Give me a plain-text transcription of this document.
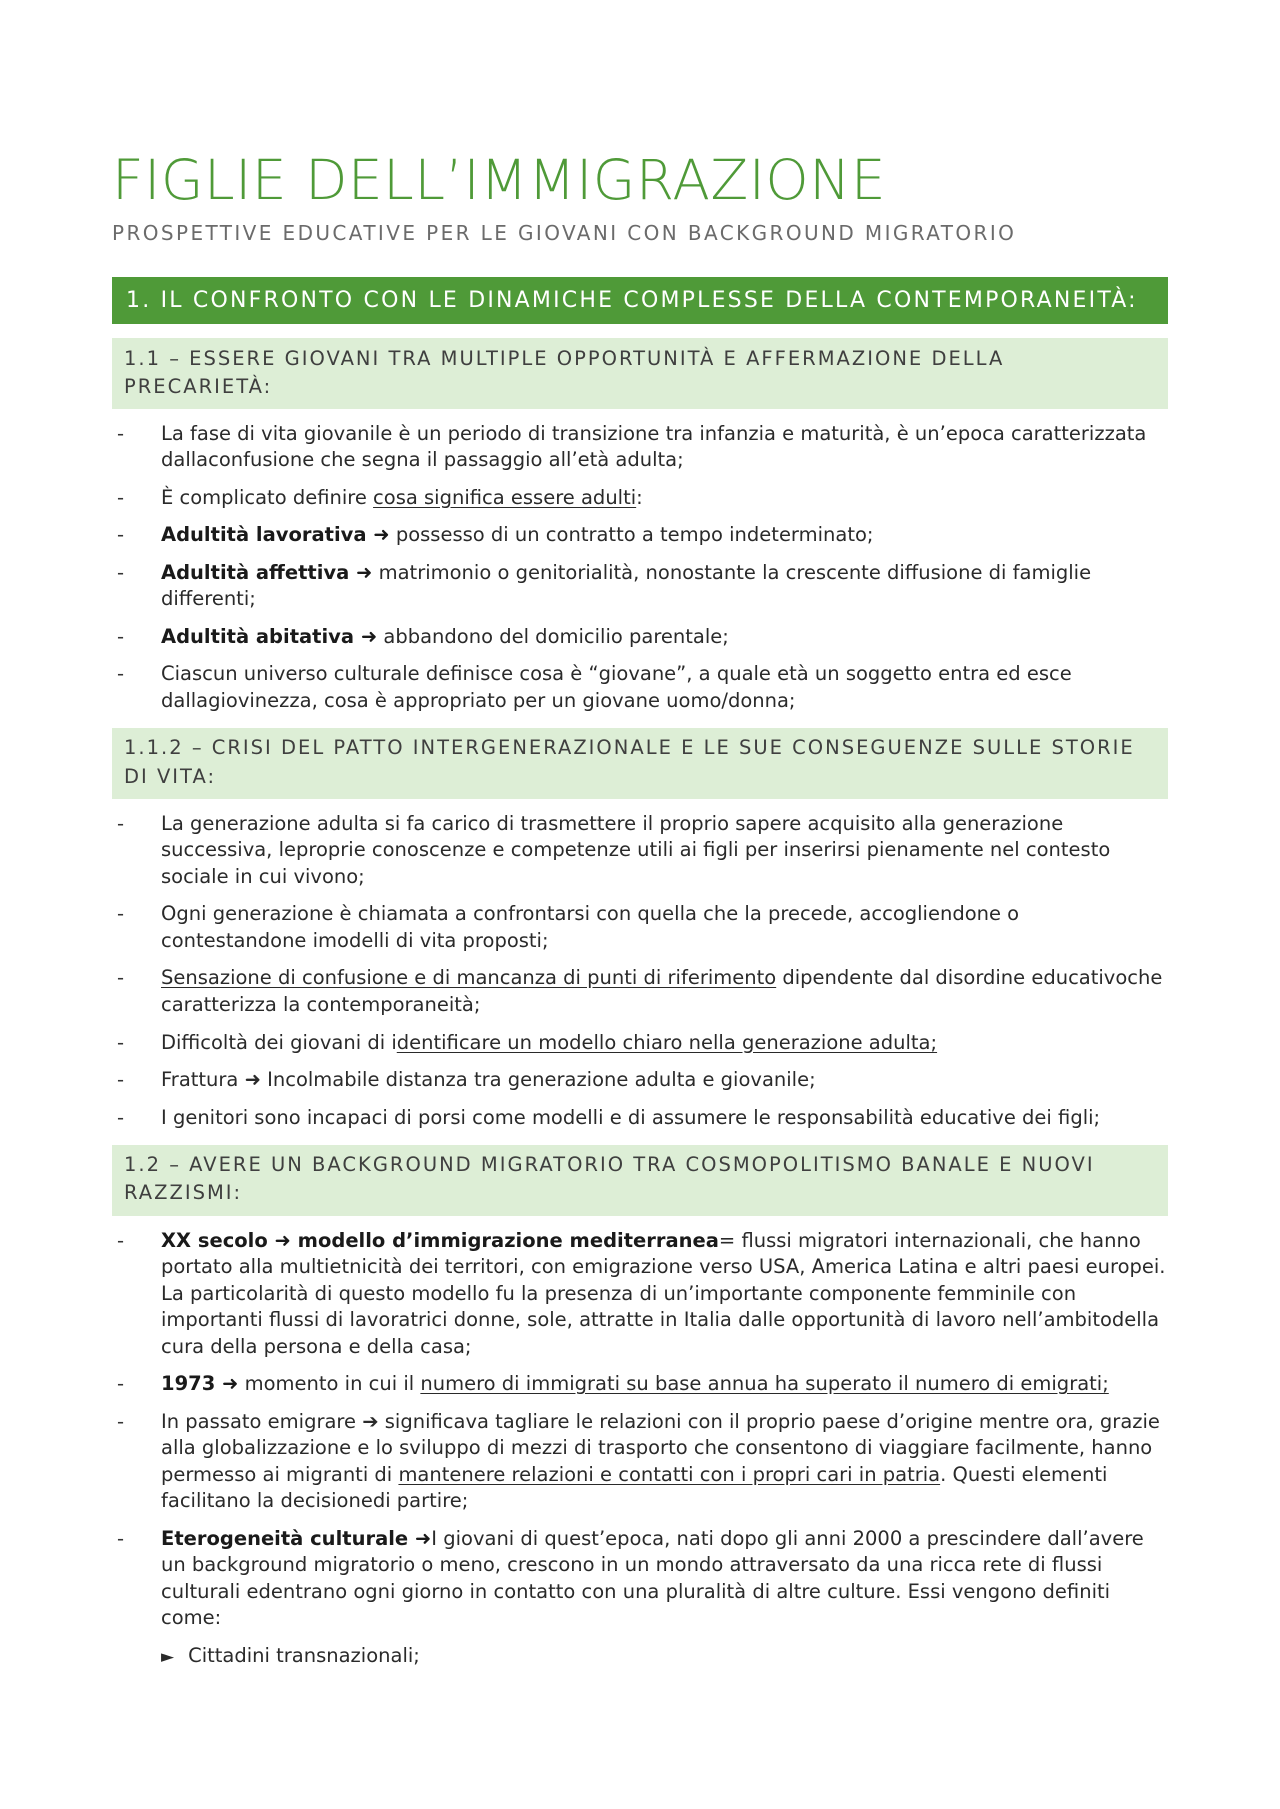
FIGLIE DELL’IMMIGRAZIONE
PROSPETTIVE EDUCATIVE PER LE GIOVANI CON BACKGROUND MIGRATORIO
1. IL CONFRONTO CON LE DINAMICHE COMPLESSE DELLA CONTEMPORANEITÀ:
1.1 – ESSERE GIOVANI TRA MULTIPLE OPPORTUNITÀ E AFFERMAZIONE DELLA PRECARIETÀ:
- La fase di vita giovanile è un periodo di transizione tra infanzia e maturità, è un’epoca caratterizzata dallaconfusione che segna il passaggio all’età adulta;
- È complicato definire cosa significa essere adulti:
- Adultità lavorativa ➜ possesso di un contratto a tempo indeterminato;
- Adultità affettiva ➜ matrimonio o genitorialità, nonostante la crescente diffusione di famiglie differenti;
- Adultità abitativa ➜ abbandono del domicilio parentale;
- Ciascun universo culturale definisce cosa è “giovane”, a quale età un soggetto entra ed esce dallagiovinezza, cosa è appropriato per un giovane uomo/donna;
1.1.2 – CRISI DEL PATTO INTERGENERAZIONALE E LE SUE CONSEGUENZE SULLE STORIE DI VITA:
- La generazione adulta si fa carico di trasmettere il proprio sapere acquisito alla generazione successiva, leproprie conoscenze e competenze utili ai figli per inserirsi pienamente nel contesto sociale in cui vivono;
- Ogni generazione è chiamata a confrontarsi con quella che la precede, accogliendone o contestandone imodelli di vita proposti;
- Sensazione di confusione e di mancanza di punti di riferimento dipendente dal disordine educativoche caratterizza la contemporaneità;
- Difficoltà dei giovani di identificare un modello chiaro nella generazione adulta;
- Frattura ➜ Incolmabile distanza tra generazione adulta e giovanile;
- I genitori sono incapaci di porsi come modelli e di assumere le responsabilità educative dei figli;
1.2 – AVERE UN BACKGROUND MIGRATORIO TRA COSMOPOLITISMO BANALE E NUOVI RAZZISMI:
- XX secolo ➜ modello d’immigrazione mediterranea= flussi migratori internazionali, che hanno portato alla multietnicità dei territori, con emigrazione verso USA, America Latina e altri paesi europei. La particolarità di questo modello fu la presenza di un’importante componente femminile con importanti flussi di lavoratrici donne, sole, attratte in Italia dalle opportunità di lavoro nell’ambitodella cura della persona e della casa;
- 1973 ➜ momento in cui il numero di immigrati su base annua ha superato il numero di emigrati;
- In passato emigrare ➔ significava tagliare le relazioni con il proprio paese d’origine mentre ora, grazie alla globalizzazione e lo sviluppo di mezzi di trasporto che consentono di viaggiare facilmente, hanno permesso ai migranti di mantenere relazioni e contatti con i propri cari in patria. Questi elementi facilitano la decisionedi partire;
- Eterogeneità culturale ➜I giovani di quest’epoca, nati dopo gli anni 2000 a prescindere dall’avere un background migratorio o meno, crescono in un mondo attraversato da una ricca rete di flussi culturali edentrano ogni giorno in contatto con una pluralità di altre culture. Essi vengono definiti come:
► Cittadini transnazionali;
